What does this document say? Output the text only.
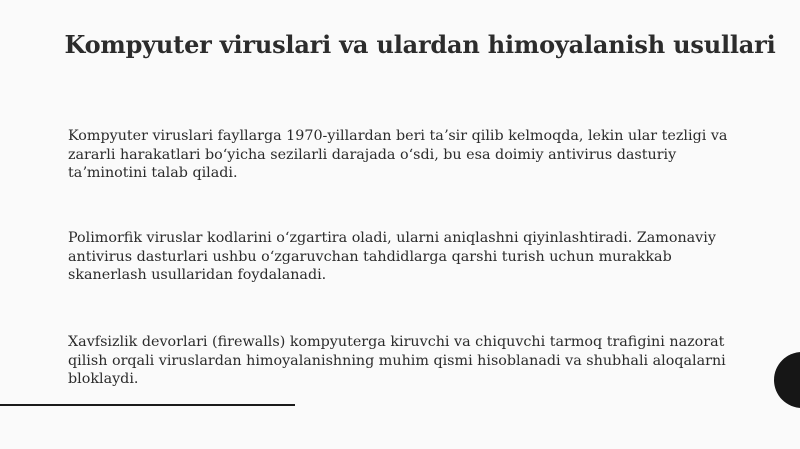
Kompyuter viruslari va ulardan himoyalanish usullari

Kompyuter viruslari fayllarga 1970-yillardan beri taʼsir qilib kelmoqda, lekin ular tezligi va zararli harakatlari boʻyicha sezilarli darajada oʻsdi, bu esa doimiy antivirus dasturiy taʼminotini talab qiladi.

Polimorfik viruslar kodlarini oʻzgartira oladi, ularni aniqlashni qiyinlashtiradi. Zamonaviy antivirus dasturlari ushbu oʻzgaruvchan tahdidlarga qarshi turish uchun murakkab skanerlash usullaridan foydalanadi.

Xavfsizlik devorlari (firewalls) kompyuterga kiruvchi va chiquvchi tarmoq trafigini nazorat qilish orqali viruslardan himoyalanishning muhim qismi hisoblanadi va shubhali aloqalarni bloklaydi.
